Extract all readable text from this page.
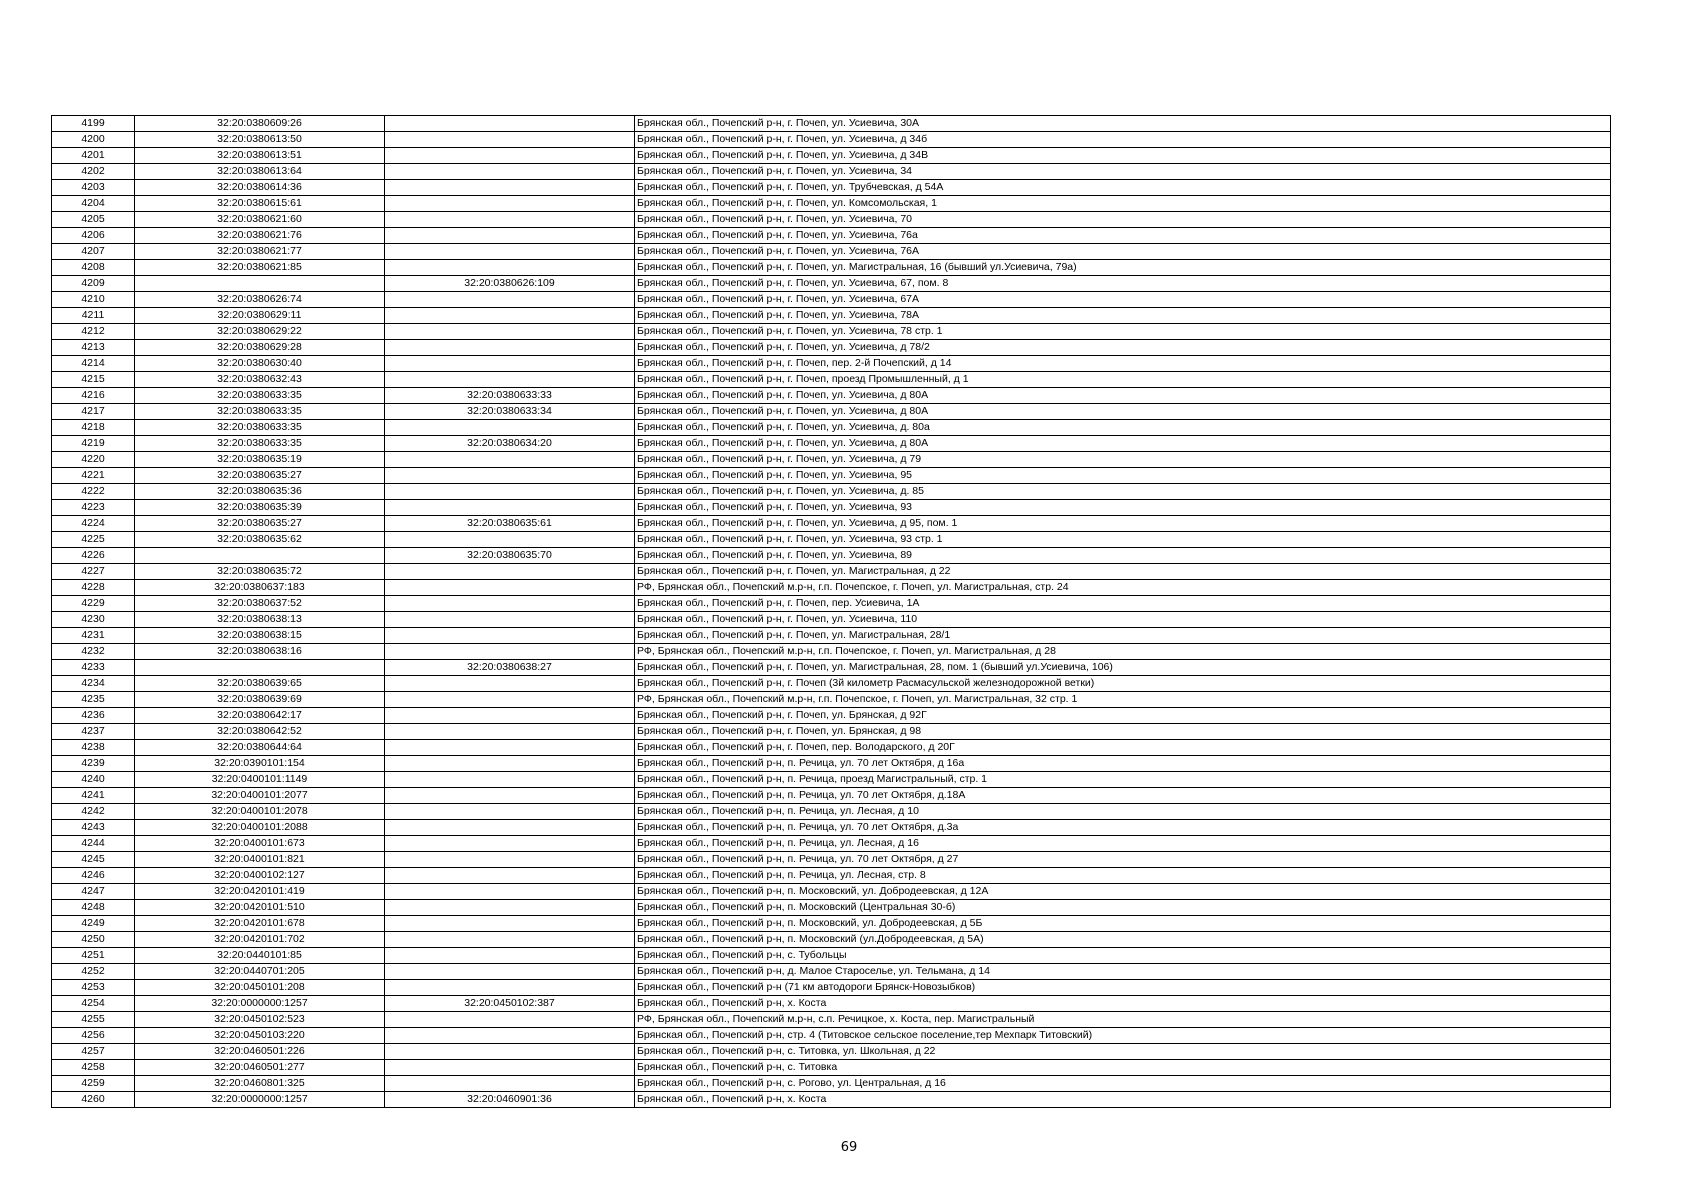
4199	32:20:0380609:26		Брянская обл., Почепский р-н, г. Почеп, ул. Усиевича, 30А
4200	32:20:0380613:50		Брянская обл., Почепский р-н, г. Почеп, ул. Усиевича, д 34б
4201	32:20:0380613:51		Брянская обл., Почепский р-н, г. Почеп, ул. Усиевича, д 34В
4202	32:20:0380613:64		Брянская обл., Почепский р-н, г. Почеп, ул. Усиевича, 34
4203	32:20:0380614:36		Брянская обл., Почепский р-н, г. Почеп, ул. Трубчевская, д 54А
4204	32:20:0380615:61		Брянская обл., Почепский р-н, г. Почеп, ул. Комсомольская, 1
4205	32:20:0380621:60		Брянская обл., Почепский р-н, г. Почеп, ул. Усиевича, 70
4206	32:20:0380621:76		Брянская обл., Почепский р-н, г. Почеп, ул. Усиевича, 76а
4207	32:20:0380621:77		Брянская обл., Почепский р-н, г. Почеп, ул. Усиевича, 76А
4208	32:20:0380621:85		Брянская обл., Почепский р-н, г. Почеп, ул. Магистральная, 16 (бывший ул.Усиевича, 79а)
4209		32:20:0380626:109	Брянская обл., Почепский р-н, г. Почеп, ул. Усиевича, 67, пом. 8
4210	32:20:0380626:74		Брянская обл., Почепский р-н, г. Почеп, ул. Усиевича, 67А
4211	32:20:0380629:11		Брянская обл., Почепский р-н, г. Почеп, ул. Усиевича, 78А
4212	32:20:0380629:22		Брянская обл., Почепский р-н, г. Почеп, ул. Усиевича, 78 стр. 1
4213	32:20:0380629:28		Брянская обл., Почепский р-н, г. Почеп, ул. Усиевича, д 78/2
4214	32:20:0380630:40		Брянская обл., Почепский р-н, г. Почеп, пер. 2-й Почепский, д 14
4215	32:20:0380632:43		Брянская обл., Почепский р-н, г. Почеп, проезд Промышленный, д 1
4216	32:20:0380633:35	32:20:0380633:33	Брянская обл., Почепский р-н, г. Почеп, ул. Усиевича, д 80А
4217	32:20:0380633:35	32:20:0380633:34	Брянская обл., Почепский р-н, г. Почеп, ул. Усиевича, д 80А
4218	32:20:0380633:35		Брянская обл., Почепский р-н, г. Почеп, ул. Усиевича, д. 80а
4219	32:20:0380633:35	32:20:0380634:20	Брянская обл., Почепский р-н, г. Почеп, ул. Усиевича, д 80А
4220	32:20:0380635:19		Брянская обл., Почепский р-н, г. Почеп, ул. Усиевича, д 79
4221	32:20:0380635:27		Брянская обл., Почепский р-н, г. Почеп, ул. Усиевича, 95
4222	32:20:0380635:36		Брянская обл., Почепский р-н, г. Почеп, ул. Усиевича, д. 85
4223	32:20:0380635:39		Брянская обл., Почепский р-н, г. Почеп, ул. Усиевича, 93
4224	32:20:0380635:27	32:20:0380635:61	Брянская обл., Почепский р-н, г. Почеп, ул. Усиевича, д 95, пом. 1
4225	32:20:0380635:62		Брянская обл., Почепский р-н, г. Почеп, ул. Усиевича, 93 стр. 1
4226		32:20:0380635:70	Брянская обл., Почепский р-н, г. Почеп, ул. Усиевича, 89
4227	32:20:0380635:72		Брянская обл., Почепский р-н, г. Почеп, ул. Магистральная, д 22
4228	32:20:0380637:183		РФ, Брянская обл., Почепский м.р-н, г.п. Почепское, г. Почеп, ул. Магистральная, стр. 24
4229	32:20:0380637:52		Брянская обл., Почепский р-н, г. Почеп, пер. Усиевича, 1А
4230	32:20:0380638:13		Брянская обл., Почепский р-н, г. Почеп, ул. Усиевича, 110
4231	32:20:0380638:15		Брянская обл., Почепский р-н, г. Почеп, ул. Магистральная, 28/1
4232	32:20:0380638:16		РФ, Брянская обл., Почепский м.р-н, г.п. Почепское, г. Почеп, ул. Магистральная, д 28
4233		32:20:0380638:27	Брянская обл., Почепский р-н, г. Почеп, ул. Магистральная, 28, пом. 1 (бывший ул.Усиевича, 106)
4234	32:20:0380639:65		Брянская обл., Почепский р-н, г. Почеп (3й километр Расмасульской железнодорожной ветки)
4235	32:20:0380639:69		РФ, Брянская обл., Почепский м.р-н, г.п. Почепское, г. Почеп, ул. Магистральная, 32 стр. 1
4236	32:20:0380642:17		Брянская обл., Почепский р-н, г. Почеп, ул. Брянская, д 92Г
4237	32:20:0380642:52		Брянская обл., Почепский р-н, г. Почеп, ул. Брянская, д 98
4238	32:20:0380644:64		Брянская обл., Почепский р-н, г. Почеп, пер. Володарского, д 20Г
4239	32:20:0390101:154		Брянская обл., Почепский р-н, п. Речица, ул. 70 лет Октября, д 16а
4240	32:20:0400101:1149		Брянская обл., Почепский р-н, п. Речица, проезд Магистральный, стр. 1
4241	32:20:0400101:2077		Брянская обл., Почепский р-н, п. Речица, ул. 70 лет Октября, д.18А
4242	32:20:0400101:2078		Брянская обл., Почепский р-н, п. Речица, ул. Лесная, д 10
4243	32:20:0400101:2088		Брянская обл., Почепский р-н, п. Речица, ул. 70 лет Октября, д.3а
4244	32:20:0400101:673		Брянская обл., Почепский р-н, п. Речица, ул. Лесная, д 16
4245	32:20:0400101:821		Брянская обл., Почепский р-н, п. Речица, ул. 70 лет Октября, д 27
4246	32:20:0400102:127		Брянская обл., Почепский р-н, п. Речица, ул. Лесная, стр. 8
4247	32:20:0420101:419		Брянская обл., Почепский р-н, п. Московский, ул. Добродеевская, д 12А
4248	32:20:0420101:510		Брянская обл., Почепский р-н, п. Московский (Центральная 30-б)
4249	32:20:0420101:678		Брянская обл., Почепский р-н, п. Московский, ул. Добродеевская, д 5Б
4250	32:20:0420101:702		Брянская обл., Почепский р-н, п. Московский (ул.Добродеевская, д 5А)
4251	32:20:0440101:85		Брянская обл., Почепский р-н, с. Тубольцы
4252	32:20:0440701:205		Брянская обл., Почепский р-н, д. Малое Староселье, ул. Тельмана, д 14
4253	32:20:0450101:208		Брянская обл., Почепский р-н (71 км автодороги Брянск-Новозыбков)
4254	32:20:0000000:1257	32:20:0450102:387	Брянская обл., Почепский р-н, х. Коста
4255	32:20:0450102:523		РФ, Брянская обл., Почепский м.р-н, с.п. Речицкое, х. Коста, пер. Магистральный
4256	32:20:0450103:220		Брянская обл., Почепский р-н, стр. 4 (Титовское сельское поселение,тер Мехпарк Титовский)
4257	32:20:0460501:226		Брянская обл., Почепский р-н, с. Титовка, ул. Школьная, д 22
4258	32:20:0460501:277		Брянская обл., Почепский р-н, с. Титовка
4259	32:20:0460801:325		Брянская обл., Почепский р-н, с. Рогово, ул. Центральная, д 16
4260	32:20:0000000:1257	32:20:0460901:36	Брянская обл., Почепский р-н, х. Коста
69
